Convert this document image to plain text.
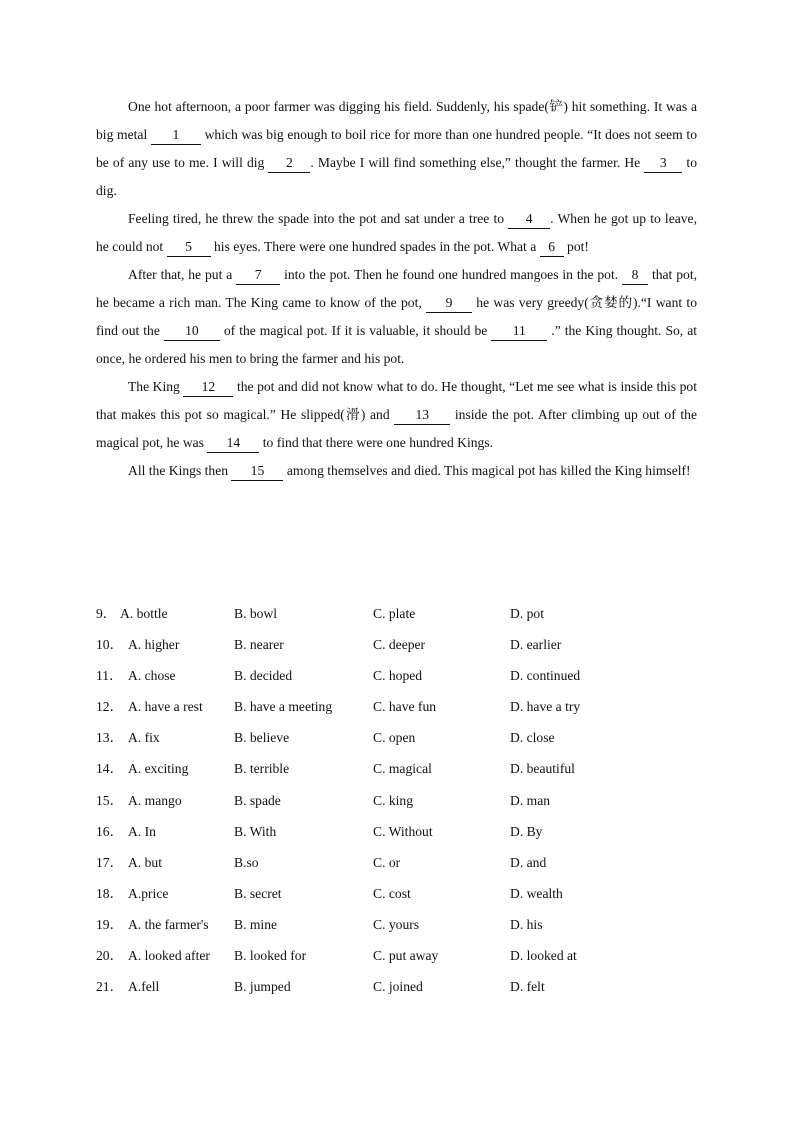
One hot afternoon, a poor farmer was digging his field. Suddenly, his spade(铲) hit something. It was a big metal 1 which was big enough to boil rice for more than one hundred people. “It does not seem to be of any use to me. I will dig 2 . Maybe I will find something else,” thought the farmer. He 3 to dig.

Feeling tired, he threw the spade into the pot and sat under a tree to 4 . When he got up to leave, he could not 5 his eyes. There were one hundred spades in the pot. What a 6 pot!

After that, he put a 7 into the pot. Then he found one hundred mangoes in the pot. 8 that pot, he became a rich man. The King came to know of the pot, 9 he was very greedy(贪婪的).“I want to find out the 10 of the magical pot. If it is valuable, it should be 11 .” the King thought. So, at once, he ordered his men to bring the farmer and his pot.

The King 12 the pot and did not know what to do. He thought, “Let me see what is inside this pot that makes this pot so magical.” He slipped(滑) and 13 inside the pot. After climbing up out of the magical pot, he was 14 to find that there were one hundred Kings.

All the Kings then 15 among themselves and died. This magical pot has killed the King himself!

9． A. bottle	B. bowl	C. plate	D. pot
10． A. higher	B. nearer	C. deeper	D. earlier
11． A. chose	B. decided	C. hoped	D. continued
12． A. have a rest B. have a meeting	C. have fun	D. have a try
13． A. fix	B. believe	C. open	D. close
14． A. exciting	B. terrible	C. magical	D. beautiful
15． A. mango	B. spade	C. king	D. man
16． A. In	B. With	C. Without	D. By
17． A. but	B.so	C. or	D. and
18． A.price	B. secret	C. cost	D. wealth
19． A. the farmer's B. mine	C. yours	D. his
20． A. looked after B. looked for	C. put away	D. looked at
21． A.fell	B. jumped	C. joined	D. felt
